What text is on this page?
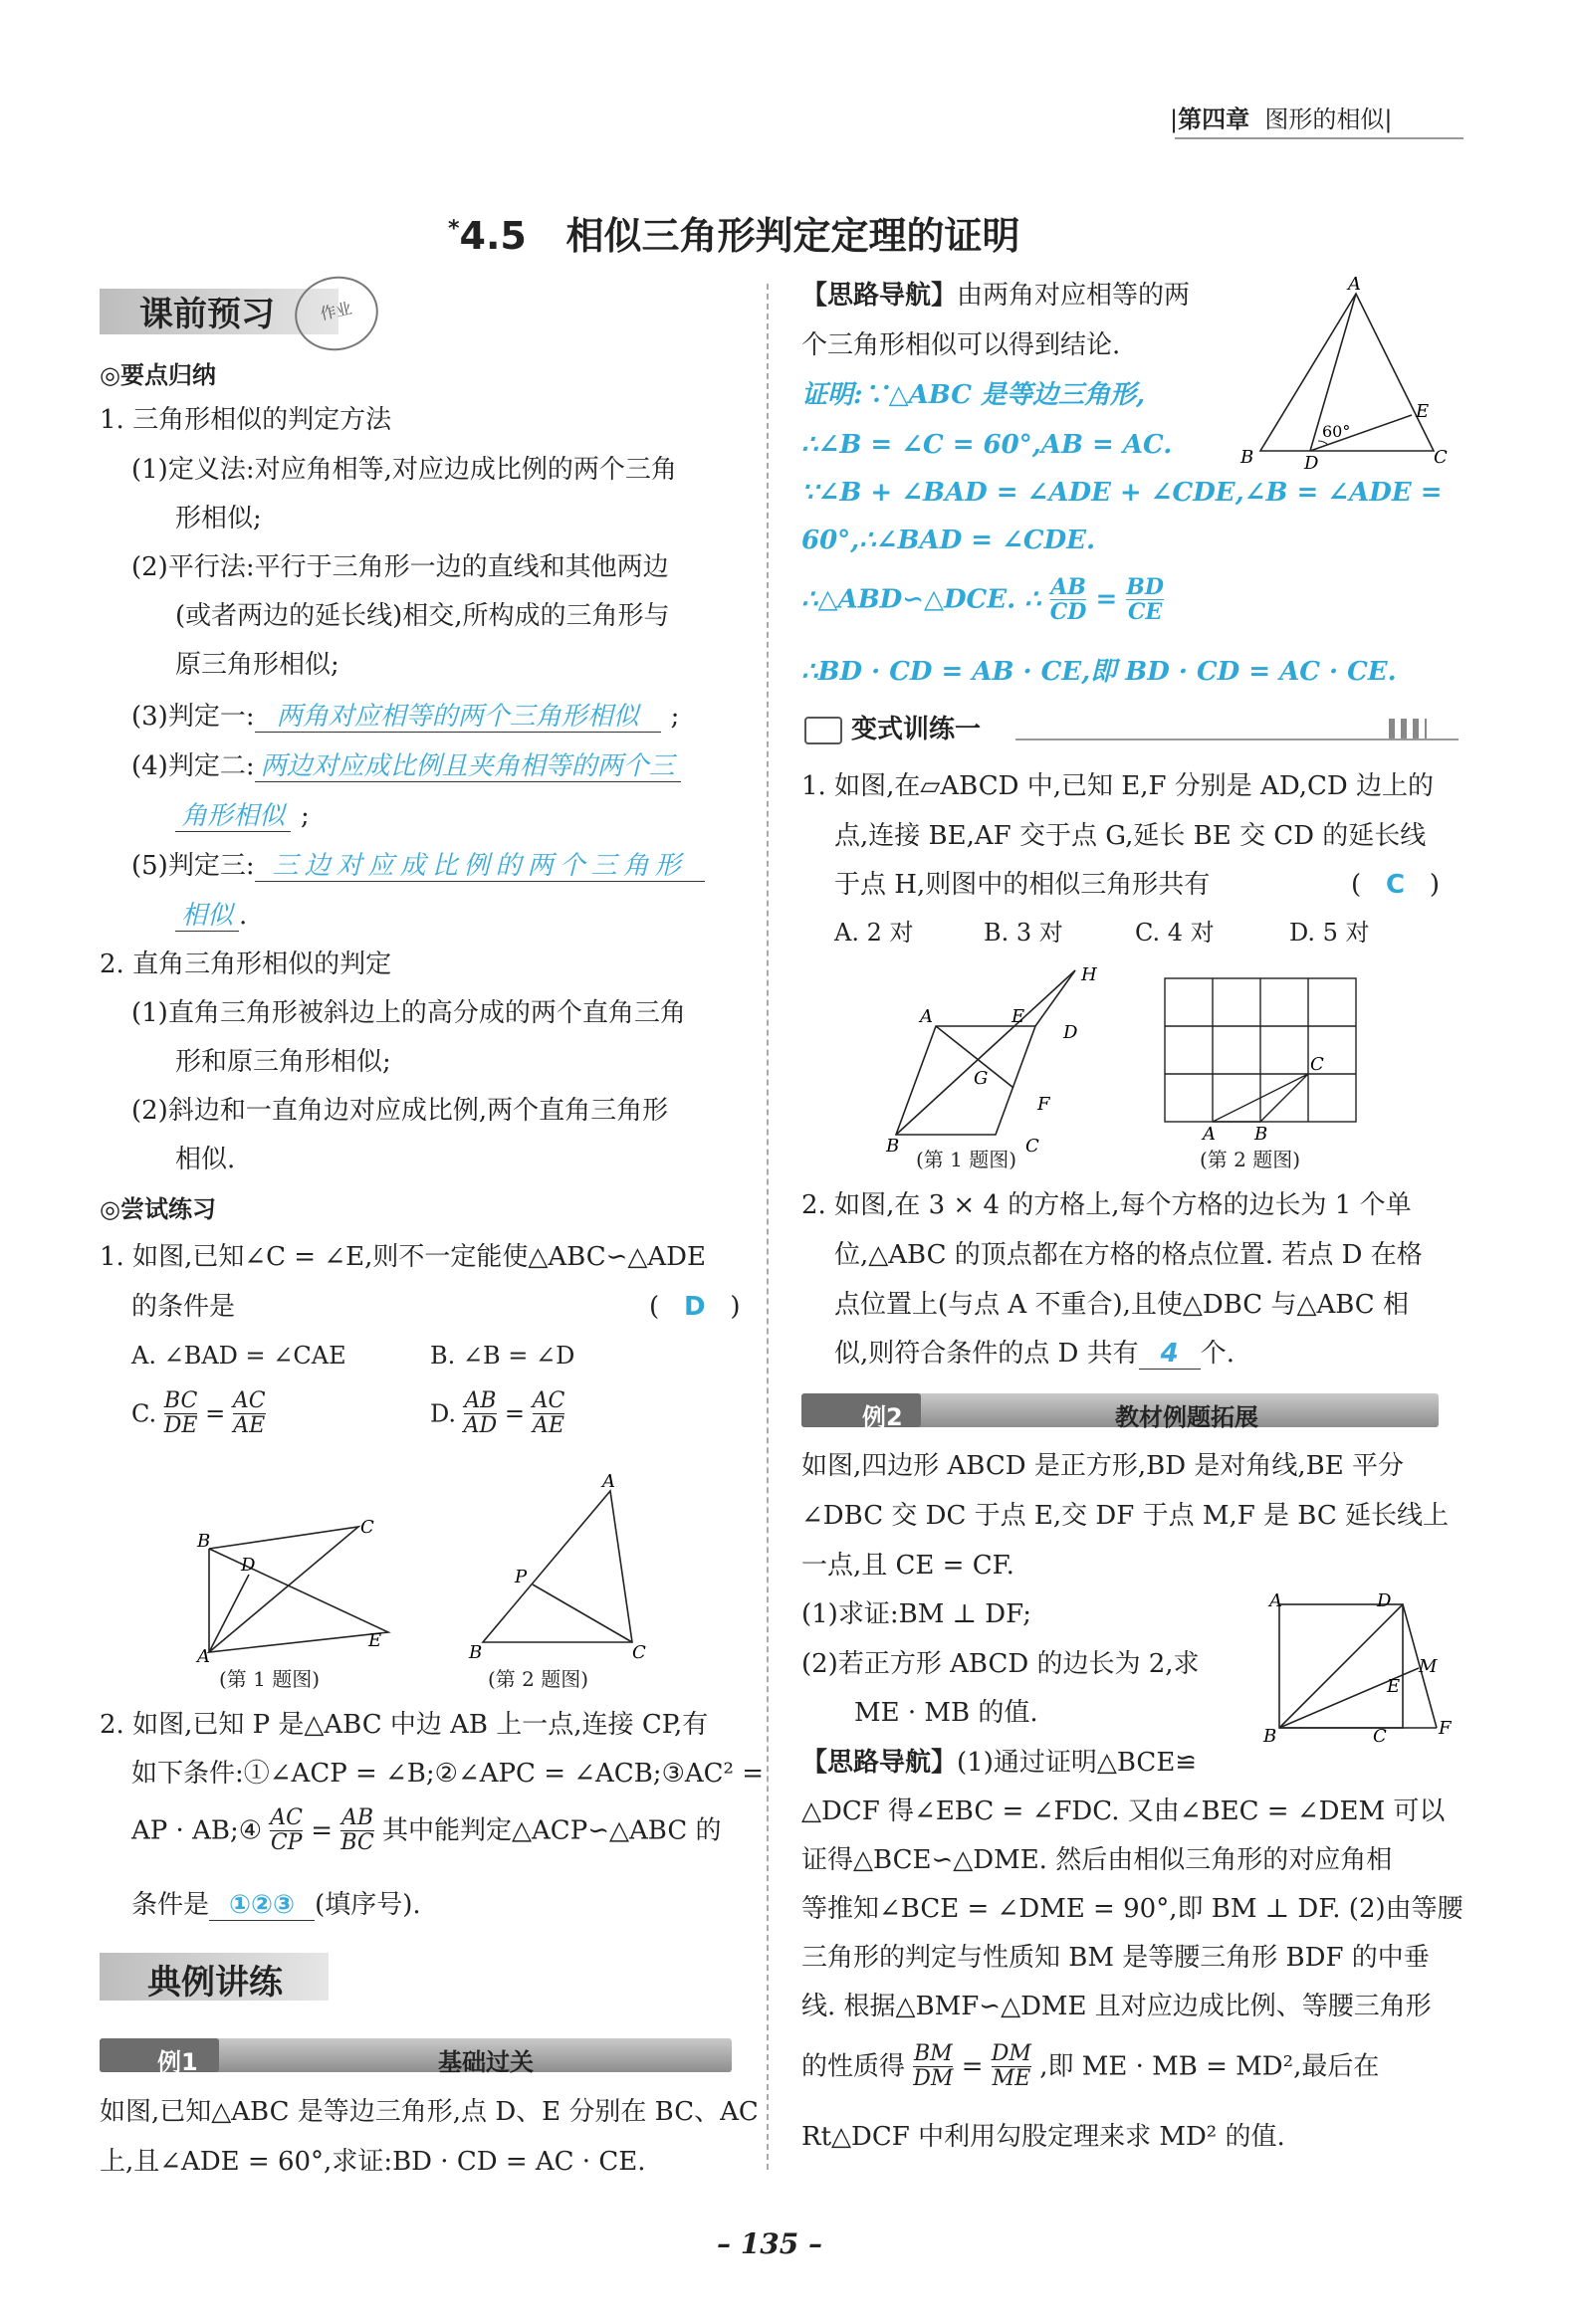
|第四章 图形的相似|
*4.5 相似三角形判定定理的证明
课前预习	作业
◎要点归纳
1. 三角形相似的判定方法
(1)定义法:对应角相等,对应边成比例的两个三角
形相似;
(2)平行法:平行于三角形一边的直线和其他两边
(或者两边的延长线)相交,所构成的三角形与
原三角形相似;
(3)判定一: 两角对应相等的两个三角形相似 ;
(4)判定二: 两边对应成比例且夹角相等的两个三
角形相似 ;
(5)判定三: 三边对应成比例的两个三角形
相似 .
2. 直角三角形相似的判定
(1)直角三角形被斜边上的高分成的两个直角三角
形和原三角形相似;
(2)斜边和一直角边对应成比例,两个直角三角形
相似.
◎尝试练习
1. 如图,已知∠C = ∠E,则不一定能使△ABC∽△ADE
的条件是	(   D   )
A. ∠BAD = ∠CAE	B. ∠B = ∠D
C. $\frac{BC}{DE} = \frac{AC}{AE}$	D. $\frac{AB}{AD} = \frac{AC}{AE}$
B
C
D
A
E
A
P
B	C
(第 1 题图)	(第 2 题图)
2. 如图,已知 P 是△ABC 中边 AB 上一点,连接 CP,有
如下条件:①∠ACP = ∠B;②∠APC = ∠ACB;③AC² =
AP · AB;④ $\frac{AC}{CP} = \frac{AB}{BC}$ 其中能判定△ACP∽△ABC 的
条件是 ①②③ (填序号).
典例讲练
例1	基础过关
如图,已知△ABC 是等边三角形,点 D、E 分别在 BC、AC
上,且∠ADE = 60°,求证:BD · CD = AC · CE.
【思路导航】由两角对应相等的两
个三角形相似可以得到结论.
A
B	D	C
E
60°
证明:∵△ABC 是等边三角形,
∴∠B = ∠C = 60°,AB = AC.
∵∠B + ∠BAD = ∠ADE + ∠CDE,∠B = ∠ADE =
60°,∴∠BAD = ∠CDE.
∴△ABD∽△DCE. ∴ $\frac{AB}{CD} = \frac{BD}{CE}$
∴BD · CD = AB · CE,即 BD · CD = AC · CE.
变式训练一
1. 如图,在▱ABCD 中,已知 E,F 分别是 AD,CD 边上的
点,连接 BE,AF 交于点 G,延长 BE 交 CD 的延长线
于点 H,则图中的相似三角形共有	(   C   )
A. 2 对	B. 3 对	C. 4 对	D. 5 对
H
A	E
D
G
F
B	C
A B
C
(第 1 题图)	(第 2 题图)
2. 如图,在 3 × 4 的方格上,每个方格的边长为 1 个单
位,△ABC 的顶点都在方格的格点位置. 若点 D 在格
点位置上(与点 A 不重合),且使△DBC 与△ABC 相
似,则符合条件的点 D 共有 4 个.
例2	教材例题拓展
如图,四边形 ABCD 是正方形,BD 是对角线,BE 平分
∠DBC 交 DC 于点 E,交 DF 于点 M,F 是 BC 延长线上
一点,且 CE = CF.
(1)求证:BM ⊥ DF;
(2)若正方形 ABCD 的边长为 2,求
ME · MB 的值.
A	D
M
E
B	C	F
【思路导航】(1)通过证明△BCE≌
△DCF 得∠EBC = ∠FDC. 又由∠BEC = ∠DEM 可以
证得△BCE∽△DME. 然后由相似三角形的对应角相
等推知∠BCE = ∠DME = 90°,即 BM ⊥ DF. (2)由等腰
三角形的判定与性质知 BM 是等腰三角形 BDF 的中垂
线. 根据△BMF∽△DME 且对应边成比例、等腰三角形
的性质得 $\frac{BM}{DM} = \frac{DM}{ME}$ ,即 ME · MB = MD²,最后在
Rt△DCF 中利用勾股定理来求 MD² 的值.
– 135 –
